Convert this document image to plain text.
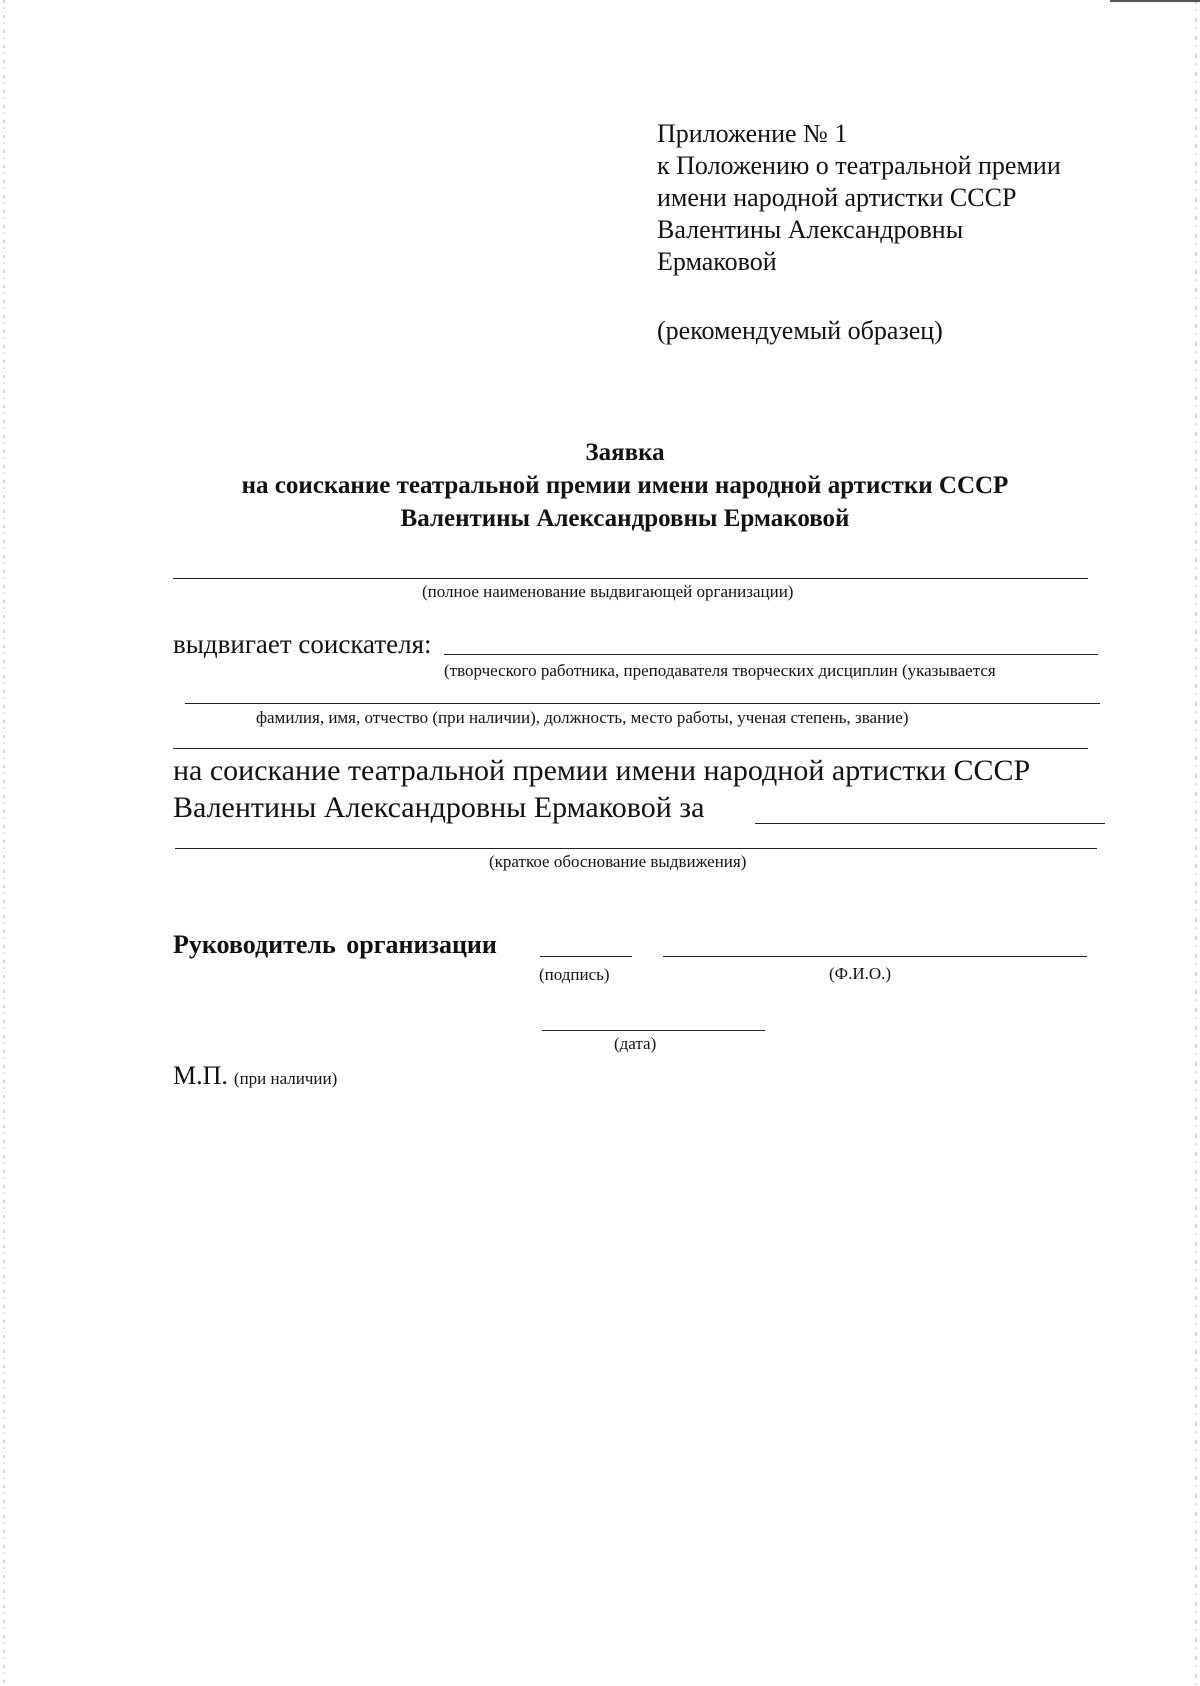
Приложение № 1
к Положению о театральной премии
имени народной артистки СССР
Валентины Александровны
Ермаковой
(рекомендуемый образец)
Заявка
на соискание театральной премии имени народной артистки СССР
Валентины Александровны Ермаковой
(полное наименование выдвигающей организации)
выдвигает соискателя:
(творческого работника, преподавателя творческих дисциплин (указывается
фамилия, имя, отчество (при наличии), должность, место работы, ученая степень, звание)
на соискание театральной премии имени народной артистки СССР
Валентины Александровны Ермаковой за
(краткое обоснование выдвижения)
Руководитель организации
(подпись)	(Ф.И.О.)
(дата)
М.П. (при наличии)
